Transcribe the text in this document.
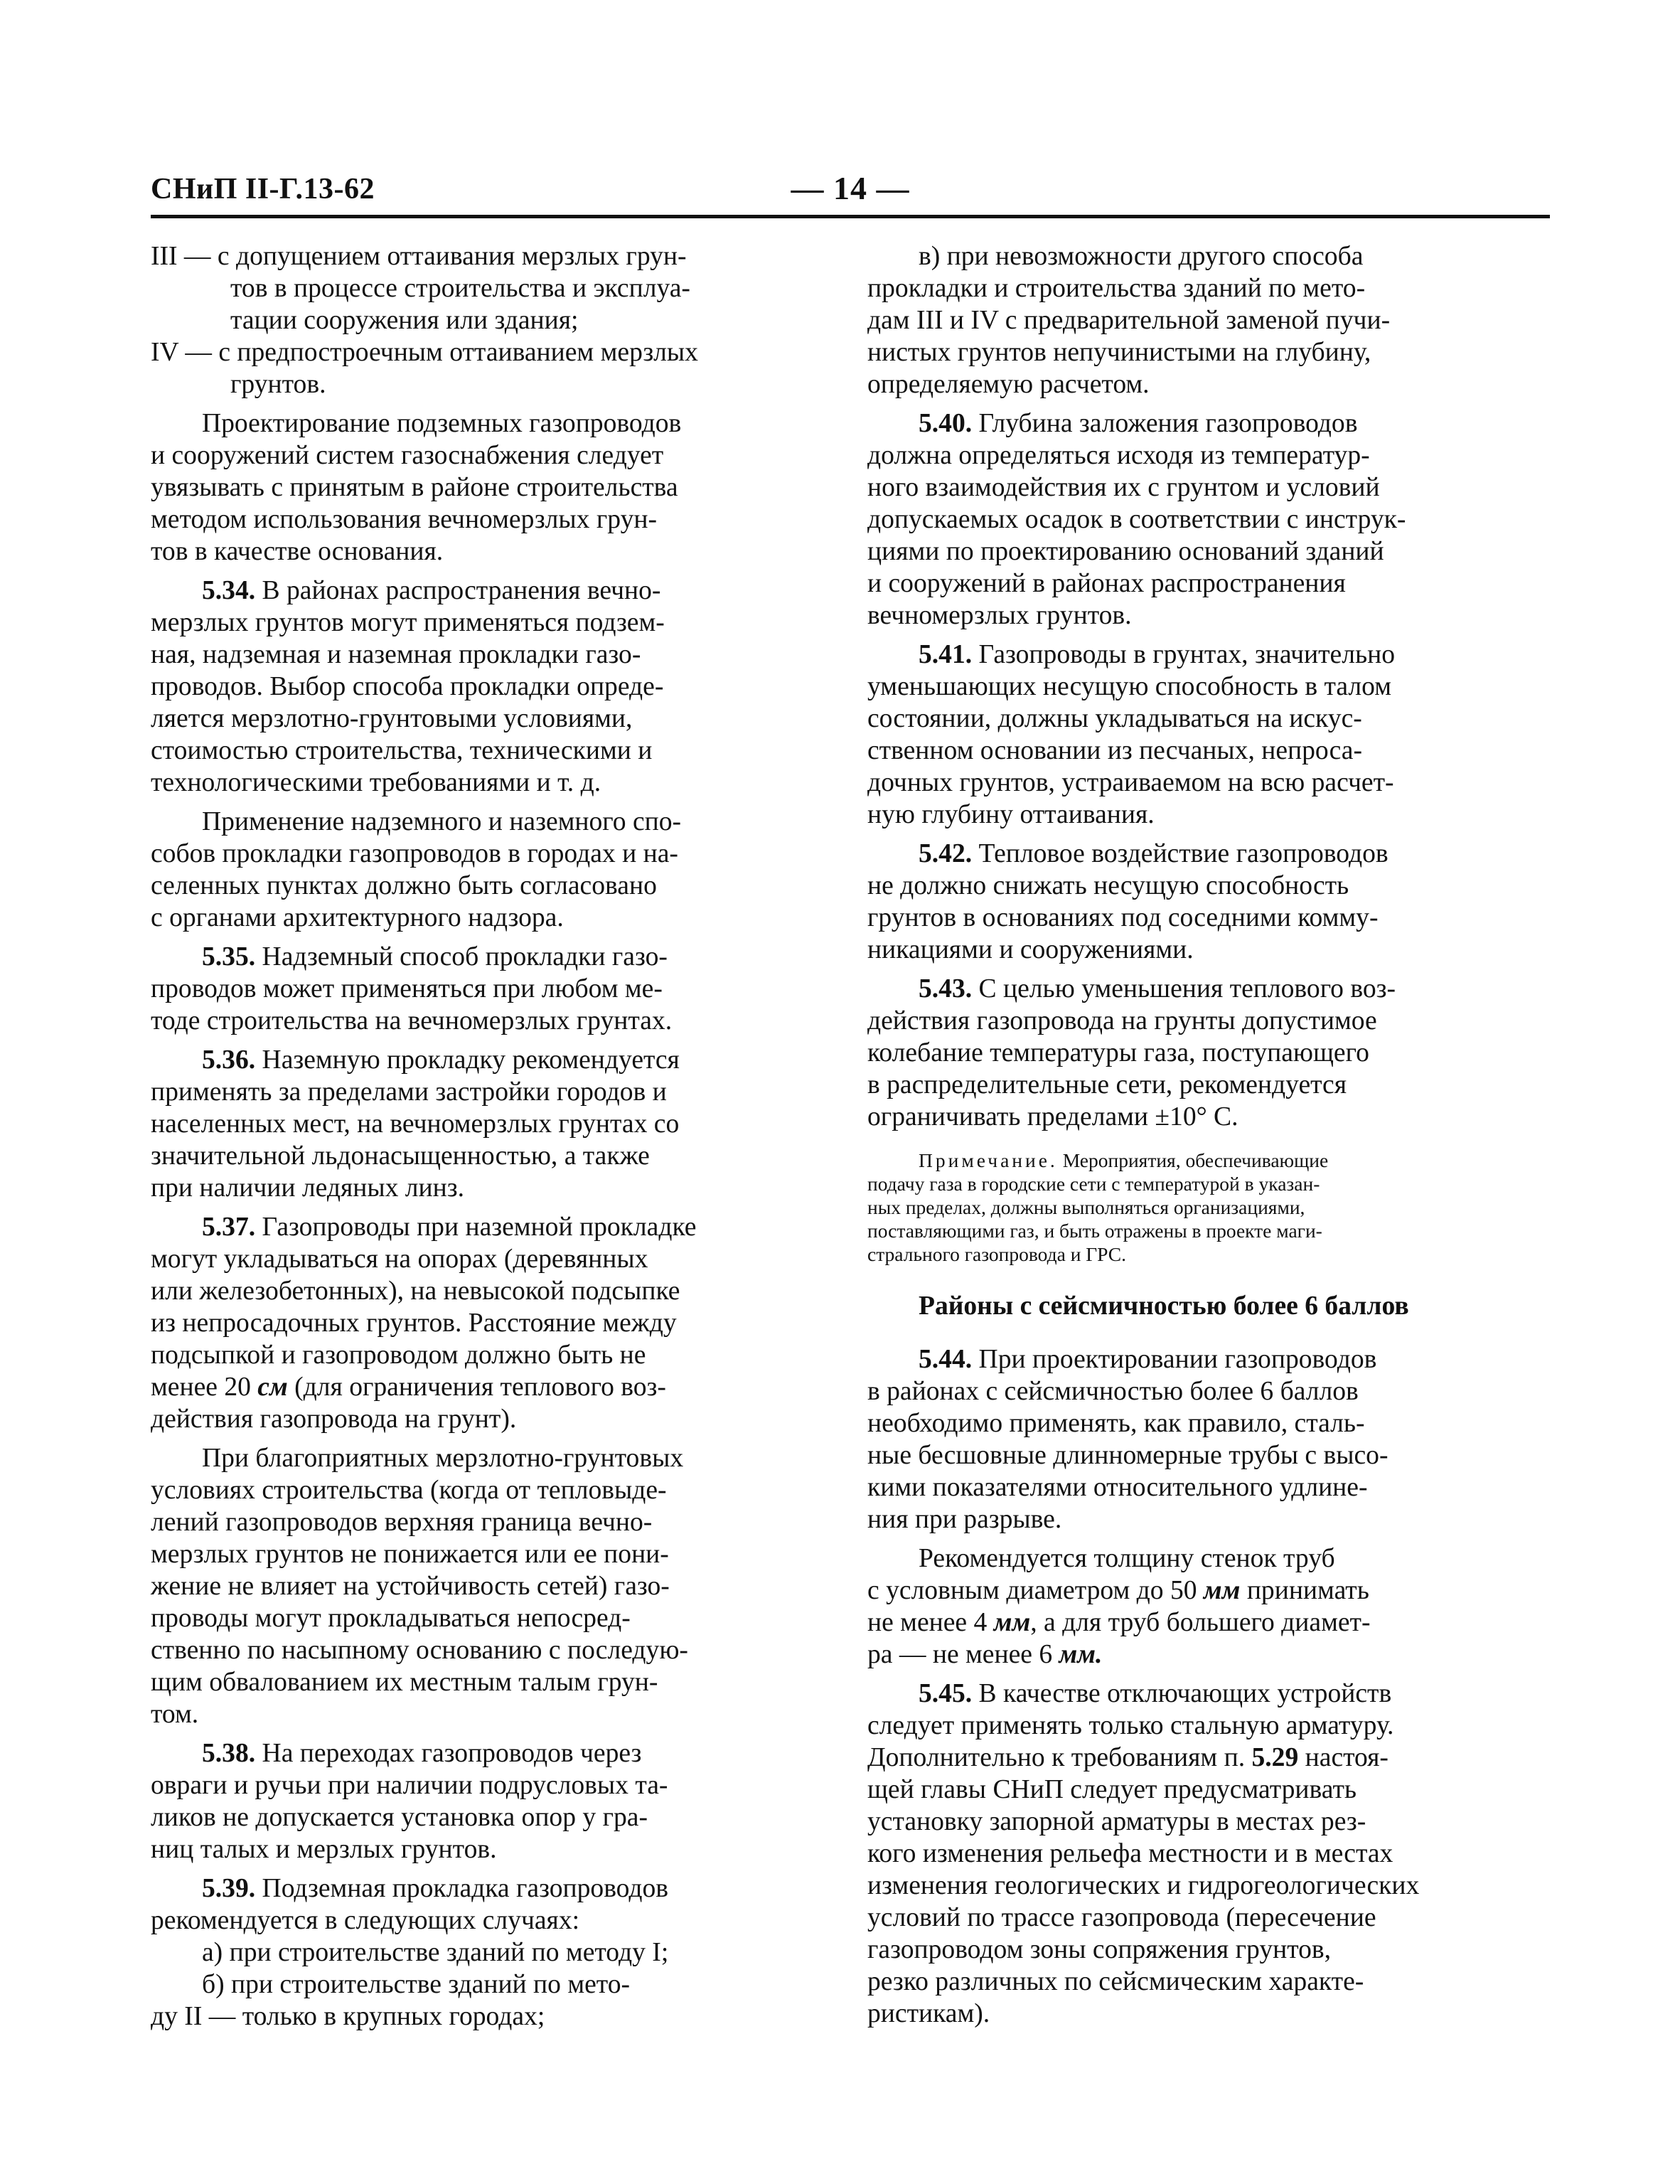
СНиП II-Г.13-62	— 14 —

III — с допущением оттаивания мерзлых грун-
тов в процессе строительства и эксплуа-
тации сооружения или здания;

IV — с предпостроечным оттаиванием мерзлых
грунтов.

Проектирование подземных газопроводов
и сооружений систем газоснабжения следует
увязывать с принятым в районе строительства
методом использования вечномерзлых грун-
тов в качестве основания.

5.34. В районах распространения вечно-
мерзлых грунтов могут применяться подзем-
ная, надземная и наземная прокладки газо-
проводов. Выбор способа прокладки опреде-
ляется мерзлотно-грунтовыми условиями,
стоимостью строительства, техническими и
технологическими требованиями и т. д.

Применение надземного и наземного спо-
собов прокладки газопроводов в городах и на-
селенных пунктах должно быть согласовано
с органами архитектурного надзора.

5.35. Надземный способ прокладки газо-
проводов может применяться при любом ме-
тоде строительства на вечномерзлых грунтах.

5.36. Наземную прокладку рекомендуется
применять за пределами застройки городов и
населенных мест, на вечномерзлых грунтах со
значительной льдонасыщенностью, а также
при наличии ледяных линз.

5.37. Газопроводы при наземной прокладке
могут укладываться на опорах (деревянных
или железобетонных), на невысокой подсыпке
из непросадочных грунтов. Расстояние между
подсыпкой и газопроводом должно быть не
менее 20 см (для ограничения теплового воз-
действия газопровода на грунт).

При благоприятных мерзлотно-грунтовых
условиях строительства (когда от тепловыде-
лений газопроводов верхняя граница вечно-
мерзлых грунтов не понижается или ее пони-
жение не влияет на устойчивость сетей) газо-
проводы могут прокладываться непосред-
ственно по насыпному основанию с последую-
щим обвалованием их местным талым грун-
том.

5.38. На переходах газопроводов через
овраги и ручьи при наличии подрусловых та-
ликов не допускается установка опор у гра-
ниц талых и мерзлых грунтов.

5.39. Подземная прокладка газопроводов
рекомендуется в следующих случаях:

а) при строительстве зданий по методу I;

б) при строительстве зданий по мето-
ду II — только в крупных городах;

в) при невозможности другого способа
прокладки и строительства зданий по мето-
дам III и IV с предварительной заменой пучи-
нистых грунтов непучинистыми на глубину,
определяемую расчетом.

5.40. Глубина заложения газопроводов
должна определяться исходя из температур-
ного взаимодействия их с грунтом и условий
допускаемых осадок в соответствии с инструк-
циями по проектированию оснований зданий
и сооружений в районах распространения
вечномерзлых грунтов.

5.41. Газопроводы в грунтах, значительно
уменьшающих несущую способность в талом
состоянии, должны укладываться на искус-
ственном основании из песчаных, непроса-
дочных грунтов, устраиваемом на всю расчет-
ную глубину оттаивания.

5.42. Тепловое воздействие газопроводов
не должно снижать несущую способность
грунтов в основаниях под соседними комму-
никациями и сооружениями.

5.43. С целью уменьшения теплового воз-
действия газопровода на грунты допустимое
колебание температуры газа, поступающего
в распределительные сети, рекомендуется
ограничивать пределами ±10° С.

Примечание. Мероприятия, обеспечивающие
подачу газа в городские сети с температурой в указан-
ных пределах, должны выполняться организациями,
поставляющими газ, и быть отражены в проекте маги-
стрального газопровода и ГРС.

Районы с сейсмичностью более 6 баллов

5.44. При проектировании газопроводов
в районах с сейсмичностью более 6 баллов
необходимо применять, как правило, сталь-
ные бесшовные длинномерные трубы с высо-
кими показателями относительного удлине-
ния при разрыве.

Рекомендуется толщину стенок труб
с условным диаметром до 50 мм принимать
не менее 4 мм, а для труб большего диамет-
ра — не менее 6 мм.

5.45. В качестве отключающих устройств
следует применять только стальную арматуру.
Дополнительно к требованиям п. 5.29 настоя-
щей главы СНиП следует предусматривать
установку запорной арматуры в местах рез-
кого изменения рельефа местности и в местах
изменения геологических и гидрогеологических
условий по трассе газопровода (пересечение
газопроводом зоны сопряжения грунтов,
резко различных по сейсмическим характе-
ристикам).
